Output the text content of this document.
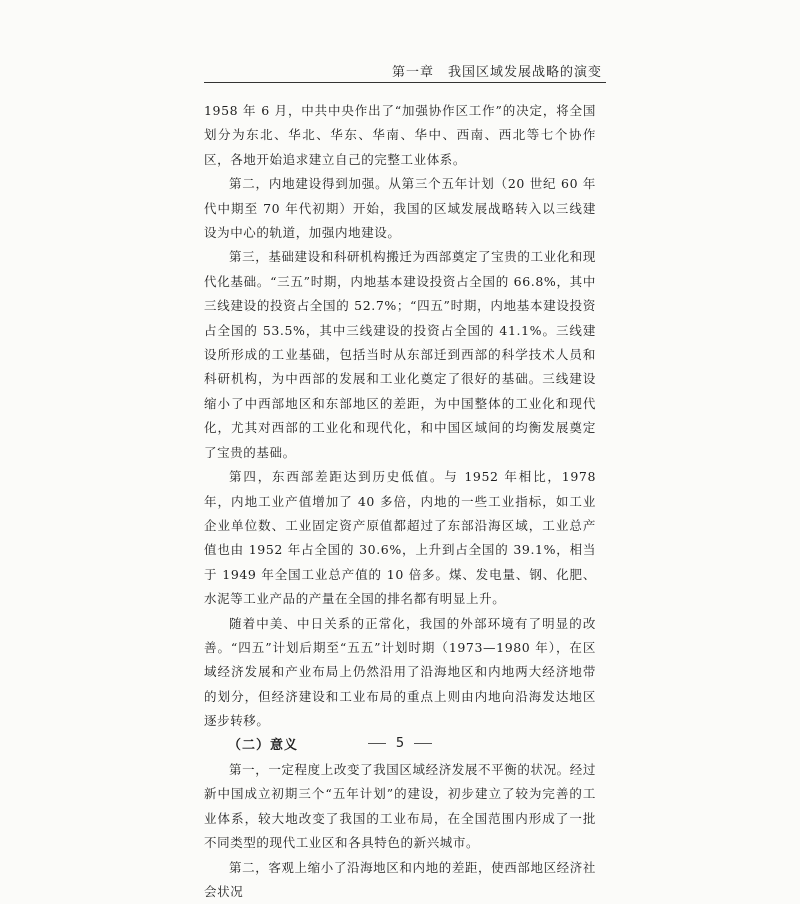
第一章　我国区域发展战略的演变

1958 年 6 月，中共中央作出了“加强协作区工作”的决定，将全国划分为东北、华北、华东、华南、华中、西南、西北等七个协作区，各地开始追求建立自己的完整工业体系。

第二，内地建设得到加强。从第三个五年计划（20 世纪 60 年代中期至 70 年代初期）开始，我国的区域发展战略转入以三线建设为中心的轨道，加强内地建设。

第三，基础建设和科研机构搬迁为西部奠定了宝贵的工业化和现代化基础。“三五”时期，内地基本建设投资占全国的 66.8%，其中三线建设的投资占全国的 52.7%；“四五”时期，内地基本建设投资占全国的 53.5%，其中三线建设的投资占全国的 41.1%。三线建设所形成的工业基础，包括当时从东部迁到西部的科学技术人员和科研机构，为中西部的发展和工业化奠定了很好的基础。三线建设缩小了中西部地区和东部地区的差距，为中国整体的工业化和现代化，尤其对西部的工业化和现代化，和中国区域间的均衡发展奠定了宝贵的基础。

第四，东西部差距达到历史低值。与 1952 年相比，1978 年，内地工业产值增加了 40 多倍，内地的一些工业指标，如工业企业单位数、工业固定资产原值都超过了东部沿海区域，工业总产值也由 1952 年占全国的 30.6%，上升到占全国的 39.1%，相当于 1949 年全国工业总产值的 10 倍多。煤、发电量、钢、化肥、水泥等工业产品的产量在全国的排名都有明显上升。

随着中美、中日关系的正常化，我国的外部环境有了明显的改善。“四五”计划后期至“五五”计划时期（1973—1980 年），在区域经济发展和产业布局上仍然沿用了沿海地区和内地两大经济地带的划分，但经济建设和工业布局的重点上则由内地向沿海发达地区逐步转移。

（二）意义

第一，一定程度上改变了我国区域经济发展不平衡的状况。经过新中国成立初期三个“五年计划”的建设，初步建立了较为完善的工业体系，较大地改变了我国的工业布局，在全国范围内形成了一批不同类型的现代工业区和各具特色的新兴城市。

第二，客观上缩小了沿海地区和内地的差距，使西部地区经济社会状况

5
